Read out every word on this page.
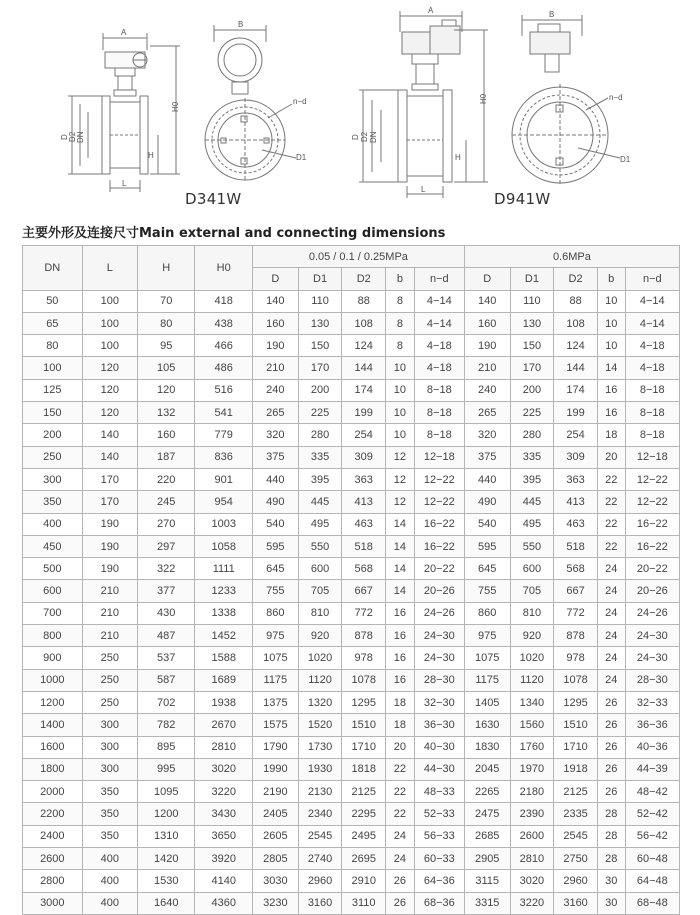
A
H0
H
D D2 DN
L
B
n−d
D1
A
H0
H
D D2 DN
L
B
n−d
D1
D341W	D941W
主要外形及连接尺寸Main external and connecting dimensions
DN	L	H	H0	0.05 / 0.1 / 0.25MPa					0.6MPa				
				D	D1	D2	b	n−d	D	D1	D2	b	n−d
50	100	70	418	140	110	88	8	4−14	140	110	88	10	4−14
65	100	80	438	160	130	108	8	4−14	160	130	108	10	4−14
80	100	95	466	190	150	124	8	4−18	190	150	124	10	4−18
100	120	105	486	210	170	144	10	4−18	210	170	144	14	4−18
125	120	120	516	240	200	174	10	8−18	240	200	174	16	8−18
150	120	132	541	265	225	199	10	8−18	265	225	199	16	8−18
200	140	160	779	320	280	254	10	8−18	320	280	254	18	8−18
250	140	187	836	375	335	309	12	12−18	375	335	309	20	12−18
300	170	220	901	440	395	363	12	12−22	440	395	363	22	12−22
350	170	245	954	490	445	413	12	12−22	490	445	413	22	12−22
400	190	270	1003	540	495	463	14	16−22	540	495	463	22	16−22
450	190	297	1058	595	550	518	14	16−22	595	550	518	22	16−22
500	190	322	1111	645	600	568	14	20−22	645	600	568	24	20−22
600	210	377	1233	755	705	667	14	20−26	755	705	667	24	20−26
700	210	430	1338	860	810	772	16	24−26	860	810	772	24	24−26
800	210	487	1452	975	920	878	16	24−30	975	920	878	24	24−30
900	250	537	1588	1075	1020	978	16	24−30	1075	1020	978	24	24−30
1000	250	587	1689	1175	1120	1078	16	28−30	1175	1120	1078	24	28−30
1200	250	702	1938	1375	1320	1295	18	32−30	1405	1340	1295	26	32−33
1400	300	782	2670	1575	1520	1510	18	36−30	1630	1560	1510	26	36−36
1600	300	895	2810	1790	1730	1710	20	40−30	1830	1760	1710	26	40−36
1800	300	995	3020	1990	1930	1818	22	44−30	2045	1970	1918	26	44−39
2000	350	1095	3220	2190	2130	2125	22	48−33	2265	2180	2125	26	48−42
2200	350	1200	3430	2405	2340	2295	22	52−33	2475	2390	2335	28	52−42
2400	350	1310	3650	2605	2545	2495	24	56−33	2685	2600	2545	28	56−42
2600	400	1420	3920	2805	2740	2695	24	60−33	2905	2810	2750	28	60−48
2800	400	1530	4140	3030	2960	2910	26	64−36	3115	3020	2960	30	64−48
3000	400	1640	4360	3230	3160	3110	26	68−36	3315	3220	3160	30	68−48
